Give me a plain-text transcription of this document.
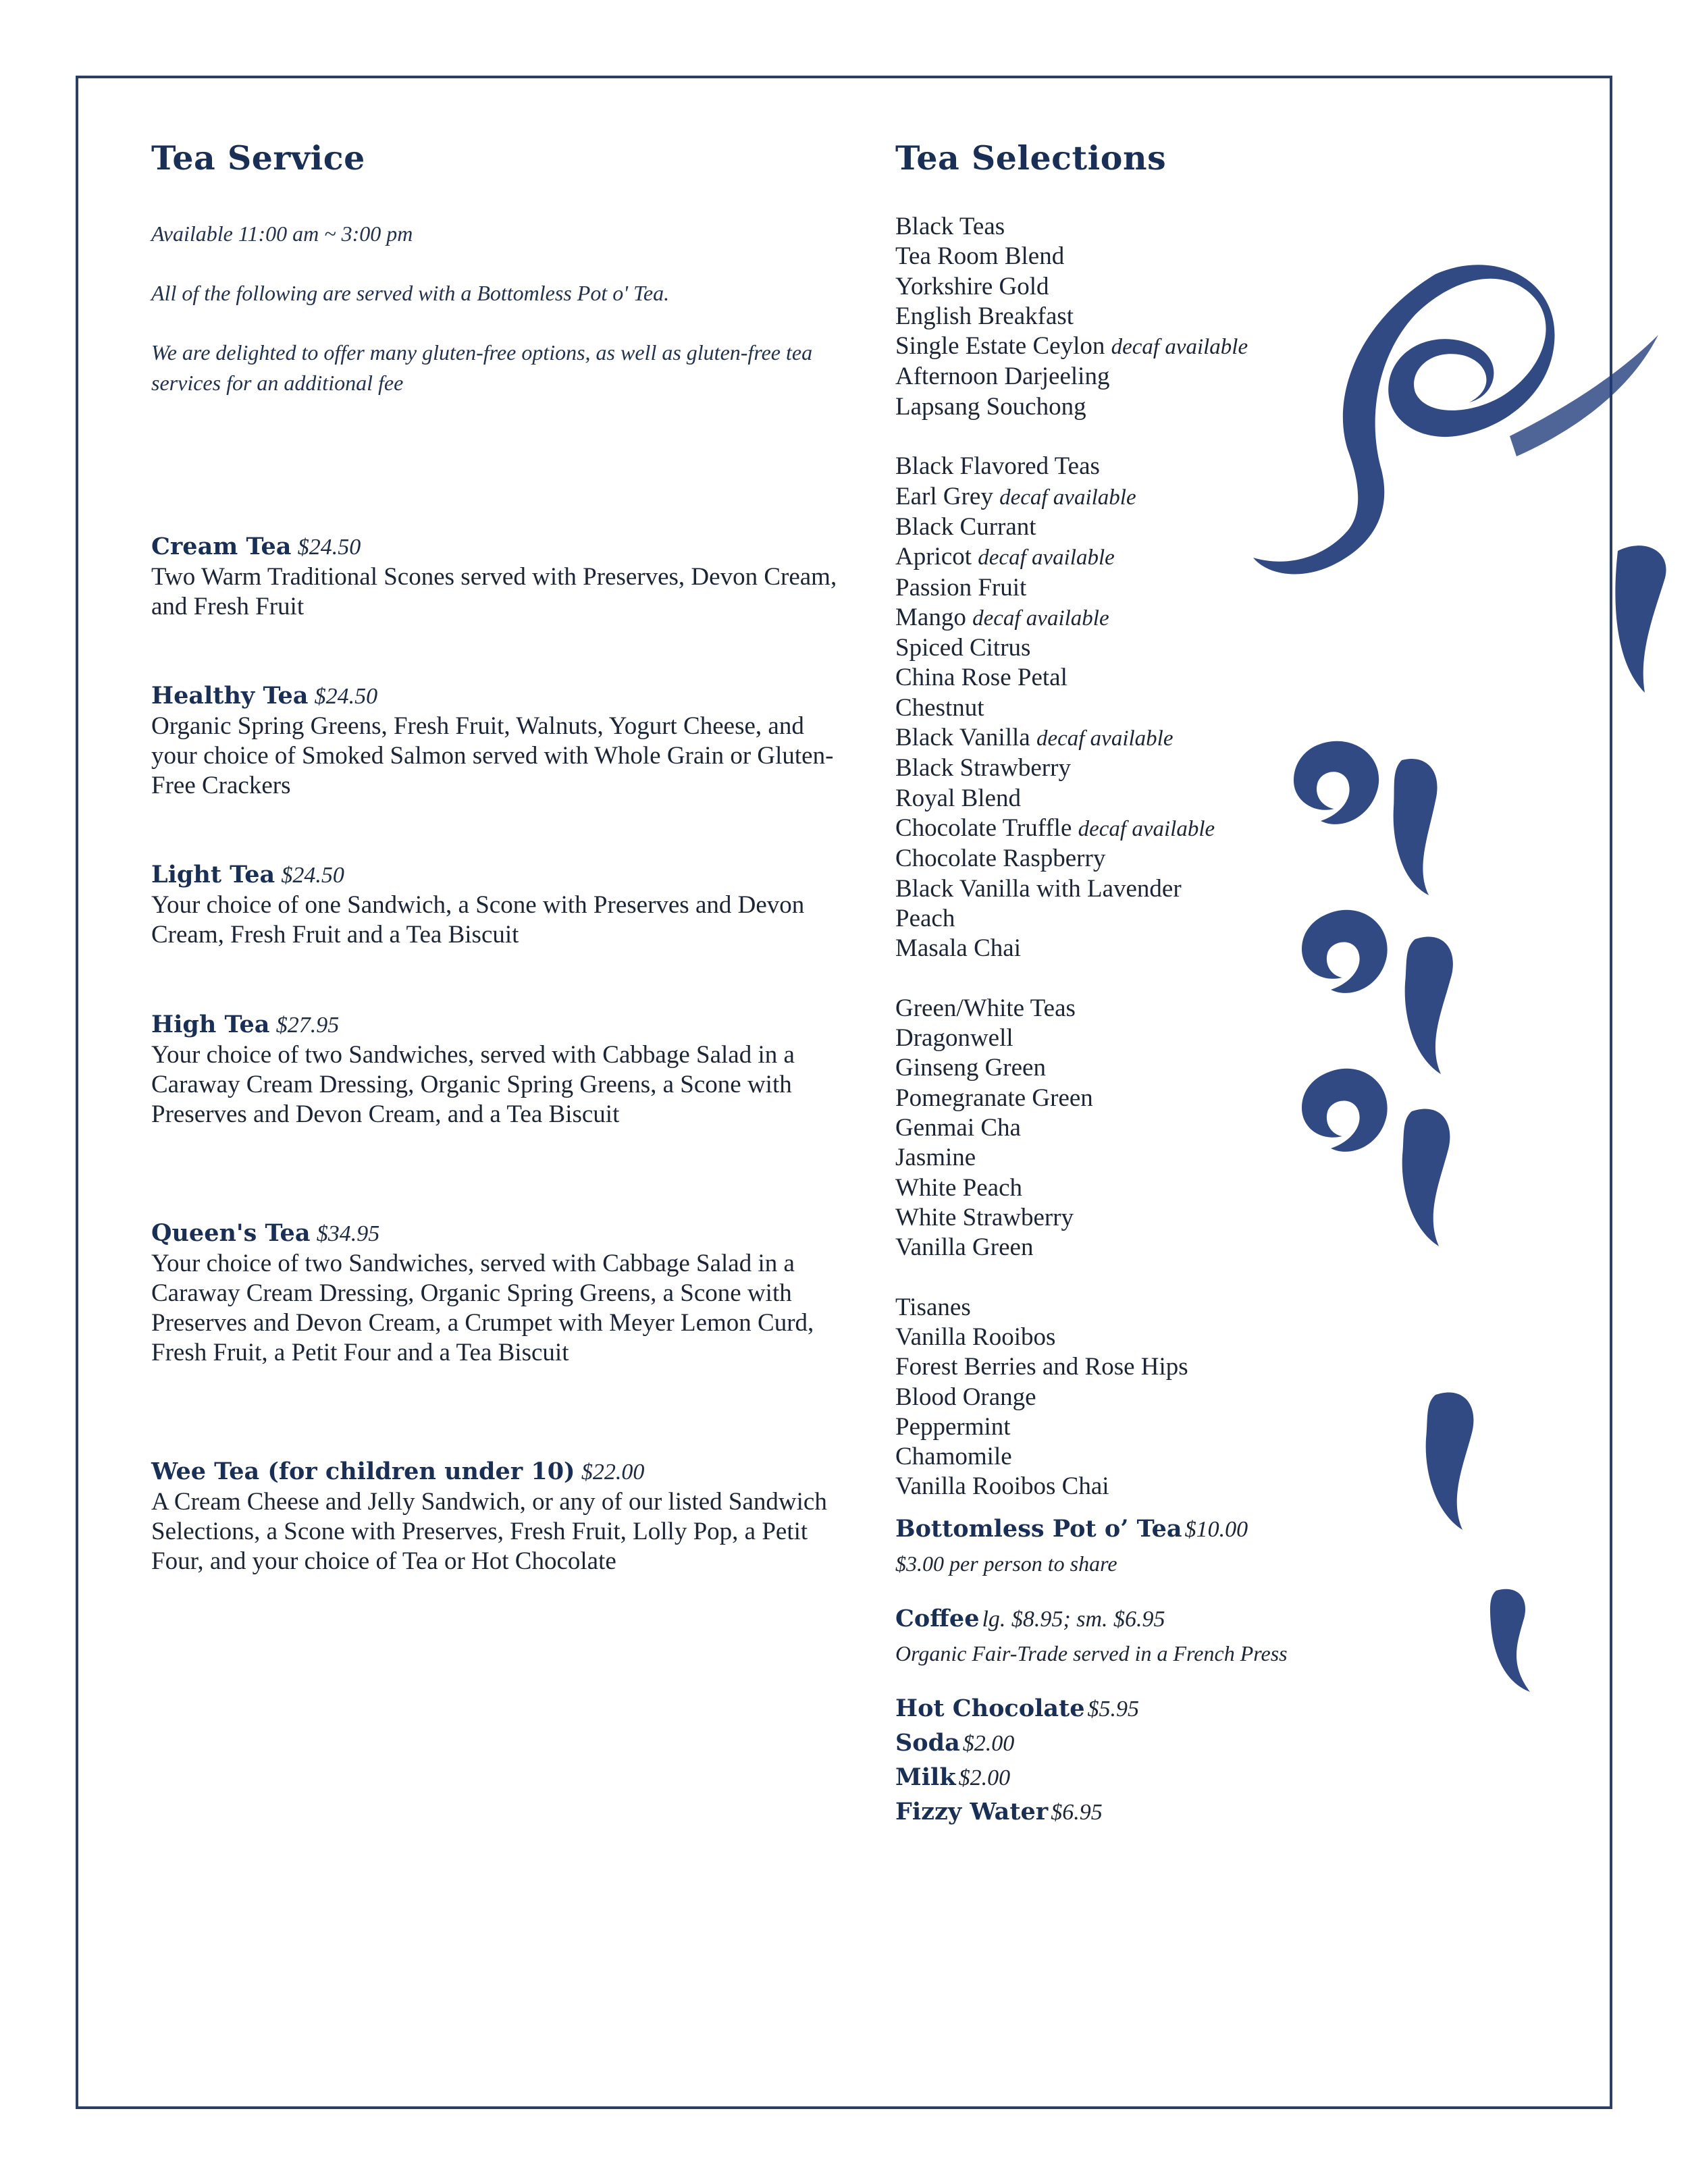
Tea Service

Available 11:00 am ~ 3:00 pm

All of the following are served with a Bottomless Pot o' Tea.

We are delighted to offer many gluten-free options, as well as gluten-free tea services for an additional fee

Cream Tea $24.50
Two Warm Traditional Scones served with Preserves, Devon Cream, and Fresh Fruit
Healthy Tea $24.50
Organic Spring Greens, Fresh Fruit, Walnuts, Yogurt Cheese, and your choice of Smoked Salmon served with Whole Grain or Gluten-Free Crackers
Light Tea $24.50
Your choice of one Sandwich, a Scone with Preserves and Devon Cream, Fresh Fruit and a Tea Biscuit
High Tea $27.95
Your choice of two Sandwiches, served with Cabbage Salad in a Caraway Cream Dressing, Organic Spring Greens, a Scone with Preserves and Devon Cream, and a Tea Biscuit
Queen's Tea $34.95
Your choice of two Sandwiches, served with Cabbage Salad in a Caraway Cream Dressing, Organic Spring Greens, a Scone with Preserves and Devon Cream, a Crumpet with Meyer Lemon Curd, Fresh Fruit, a Petit Four and a Tea Biscuit
Wee Tea (for children under 10) $22.00
A Cream Cheese and Jelly Sandwich, or any of our listed Sandwich Selections, a Scone with Preserves, Fresh Fruit, Lolly Pop, a Petit Four, and your choice of Tea or Hot Chocolate
Tea Selections
Black Teas
Tea Room Blend
Yorkshire Gold
English Breakfast
Single Estate Ceylon decaf available
Afternoon Darjeeling
Lapsang Souchong
Black Flavored Teas
Earl Grey decaf available
Black Currant
Apricot decaf available
Passion Fruit
Mango decaf available
Spiced Citrus
China Rose Petal
Chestnut
Black Vanilla decaf available
Black Strawberry
Royal Blend
Chocolate Truffle decaf available
Chocolate Raspberry
Black Vanilla with Lavender
Peach
Masala Chai
Green/White Teas
Dragonwell
Ginseng Green
Pomegranate Green
Genmai Cha
Jasmine
White Peach
White Strawberry
Vanilla Green
Tisanes
Vanilla Rooibos
Forest Berries and Rose Hips
Blood Orange
Peppermint
Chamomile
Vanilla Rooibos Chai
Bottomless Pot o’ Tea $10.00
$3.00 per person to share
Coffee lg. $8.95; sm. $6.95
Organic Fair-Trade served in a French Press
Hot Chocolate $5.95
Soda $2.00
Milk $2.00
Fizzy Water $6.95
